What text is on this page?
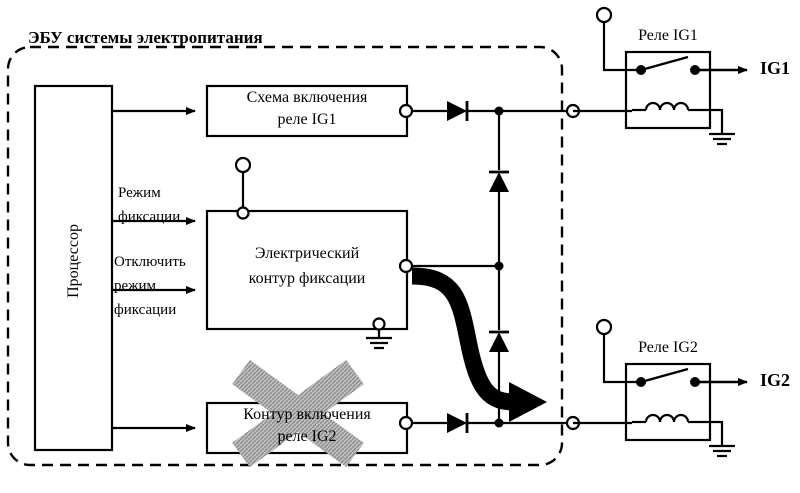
ЭБУ системы электропитания
Процессор
Схема включения
реле IG1
Электрический
контур фиксации
Контур включения
реле IG2
Режим
фиксации
Отключить
режим
фиксации
Реле IG1
Реле IG2
IG1
IG2
